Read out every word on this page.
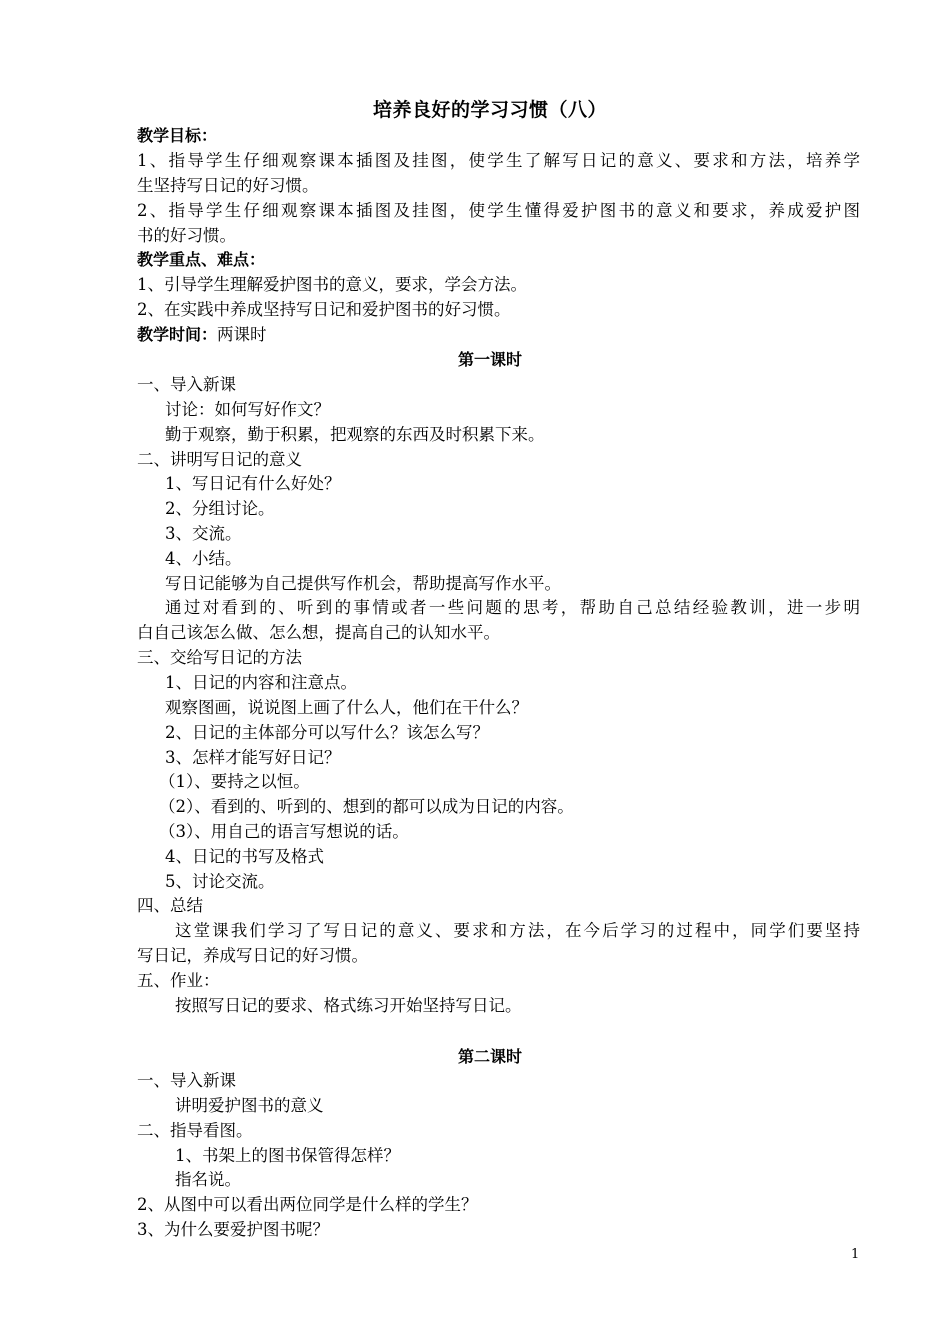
培养良好的学习习惯（八）
教学目标：
1、指导学生仔细观察课本插图及挂图，使学生了解写日记的意义、要求和方法，培养学
生坚持写日记的好习惯。
2、指导学生仔细观察课本插图及挂图，使学生懂得爱护图书的意义和要求，养成爱护图
书的好习惯。
教学重点、难点：
1、引导学生理解爱护图书的意义，要求，学会方法。
2、在实践中养成坚持写日记和爱护图书的好习惯。
教学时间：两课时
第一课时
一、导入新课
讨论：如何写好作文？
勤于观察，勤于积累，把观察的东西及时积累下来。
二、讲明写日记的意义
1、写日记有什么好处？
2、分组讨论。
3、交流。
4、小结。
写日记能够为自己提供写作机会，帮助提高写作水平。
通过对看到的、听到的事情或者一些问题的思考，帮助自己总结经验教训，进一步明
白自己该怎么做、怎么想，提高自己的认知水平。
三、交给写日记的方法
1、日记的内容和注意点。
观察图画，说说图上画了什么人，他们在干什么？
2、日记的主体部分可以写什么？该怎么写？
3、怎样才能写好日记？
（1）、要持之以恒。
（2）、看到的、听到的、想到的都可以成为日记的内容。
（3）、用自己的语言写想说的话。
4、日记的书写及格式
5、讨论交流。
四、总结
这堂课我们学习了写日记的意义、要求和方法，在今后学习的过程中，同学们要坚持
写日记，养成写日记的好习惯。
五、作业：
按照写日记的要求、格式练习开始坚持写日记。
第二课时
一、导入新课
讲明爱护图书的意义
二、指导看图。
1、书架上的图书保管得怎样？
指名说。
2、从图中可以看出两位同学是什么样的学生？
3、为什么要爱护图书呢？
1
